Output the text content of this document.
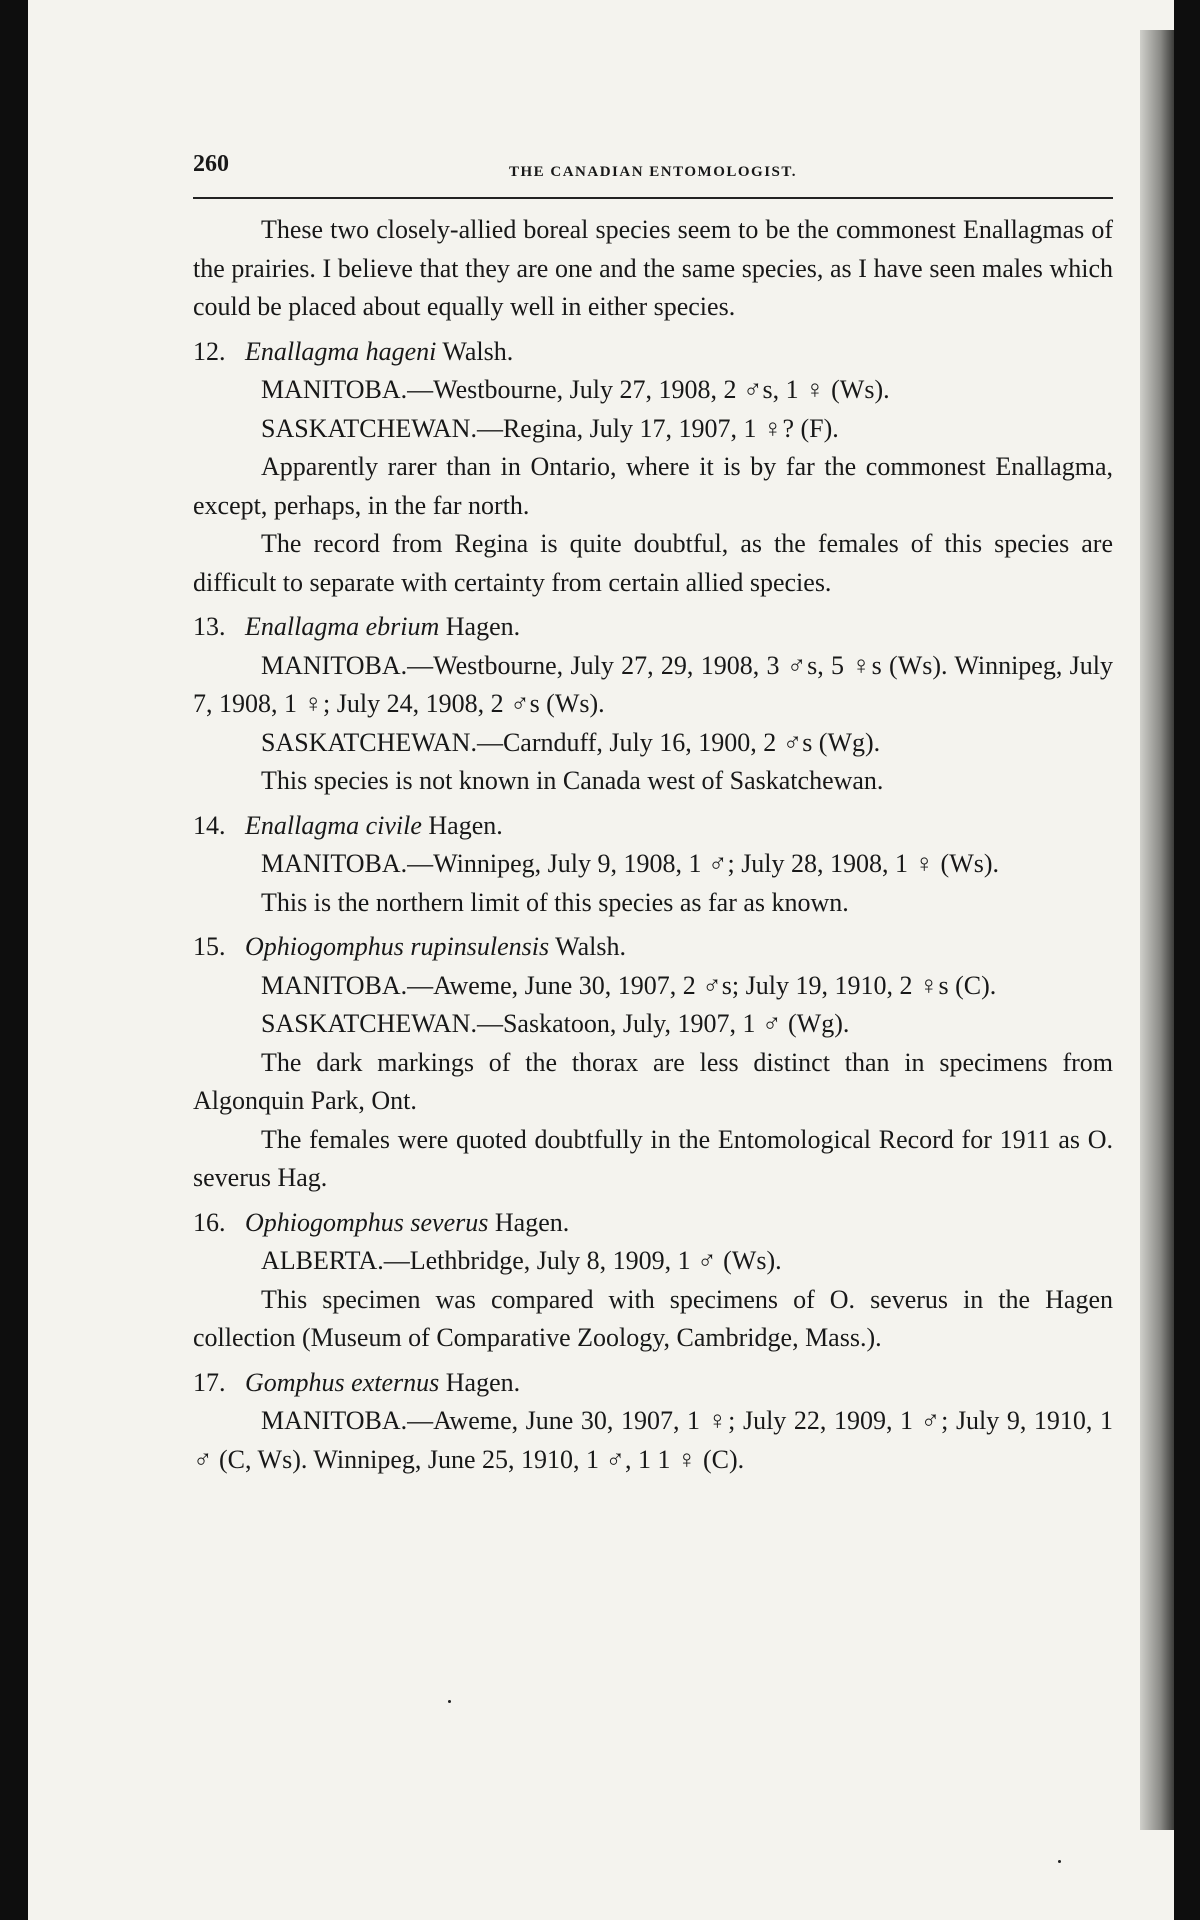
260	THE CANADIAN ENTOMOLOGIST.

These two closely-allied boreal species seem to be the commonest Enallagmas of the prairies. I believe that they are one and the same species, as I have seen males which could be placed about equally well in either species.

12. Enallagma hageni Walsh.

MANITOBA.—Westbourne, July 27, 1908, 2 ♂s, 1 ♀ (Ws).

SASKATCHEWAN.—Regina, July 17, 1907, 1 ♀? (F).

Apparently rarer than in Ontario, where it is by far the commonest Enallagma, except, perhaps, in the far north.

The record from Regina is quite doubtful, as the females of this species are difficult to separate with certainty from certain allied species.

13. Enallagma ebrium Hagen.

MANITOBA.—Westbourne, July 27, 29, 1908, 3 ♂s, 5 ♀s (Ws). Winnipeg, July 7, 1908, 1 ♀; July 24, 1908, 2 ♂s (Ws).

SASKATCHEWAN.—Carnduff, July 16, 1900, 2 ♂s (Wg).

This species is not known in Canada west of Saskatchewan.

14. Enallagma civile Hagen.

MANITOBA.—Winnipeg, July 9, 1908, 1 ♂; July 28, 1908, 1 ♀ (Ws).

This is the northern limit of this species as far as known.

15. Ophiogomphus rupinsulensis Walsh.

MANITOBA.—Aweme, June 30, 1907, 2 ♂s; July 19, 1910, 2 ♀s (C).

SASKATCHEWAN.—Saskatoon, July, 1907, 1 ♂ (Wg).

The dark markings of the thorax are less distinct than in specimens from Algonquin Park, Ont.

The females were quoted doubtfully in the Entomological Record for 1911 as O. severus Hag.

16. Ophiogomphus severus Hagen.

ALBERTA.—Lethbridge, July 8, 1909, 1 ♂ (Ws).

This specimen was compared with specimens of O. severus in the Hagen collection (Museum of Comparative Zoology, Cambridge, Mass.).

17. Gomphus externus Hagen.

MANITOBA.—Aweme, June 30, 1907, 1 ♀; July 22, 1909, 1 ♂; July 9, 1910, 1 ♂ (C, Ws). Winnipeg, June 25, 1910, 1 ♂, 1 1 ♀ (C).
